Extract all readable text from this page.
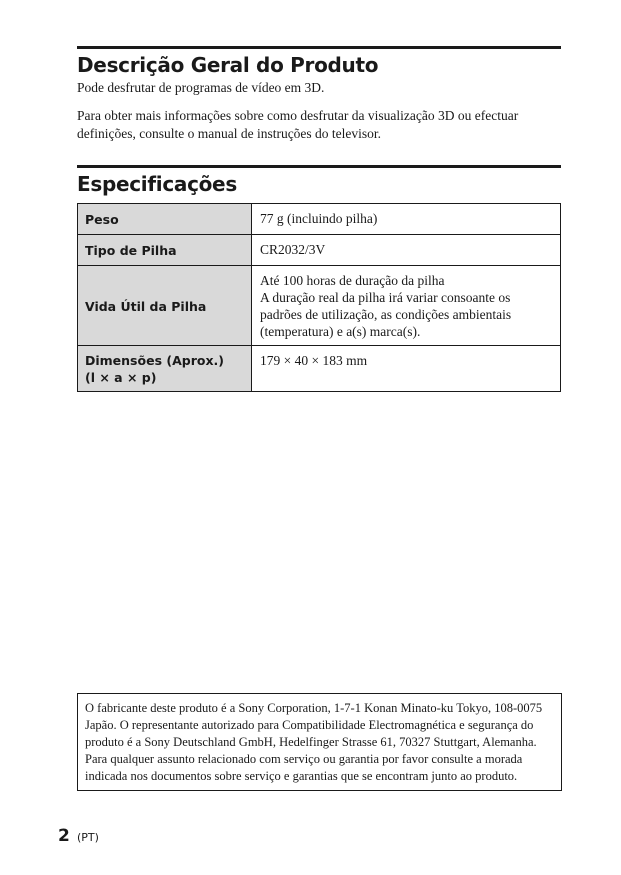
Descrição Geral do Produto

Pode desfrutar de programas de vídeo em 3D.

Para obter mais informações sobre como desfrutar da visualização 3D ou efectuar definições, consulte o manual de instruções do televisor.

Especificações
Peso	77 g (incluindo pilha)

Tipo de Pilha	CR2032/3V

Vida Útil da Pilha	Até 100 horas de duração da pilha
A duração real da pilha irá variar consoante os padrões de utilização, as condições ambientais (temperatura) e a(s) marca(s).

Dimensões (Aprox.)
(l × a × p)	179 × 40 × 183 mm
O fabricante deste produto é a Sony Corporation, 1-7-1 Konan Minato-ku Tokyo, 108-0075 Japão. O representante autorizado para Compatibilidade Electromagnética e segurança do produto é a Sony Deutschland GmbH, Hedelfinger Strasse 61, 70327 Stuttgart, Alemanha. Para qualquer assunto relacionado com serviço ou garantia por favor consulte a morada indicada nos documentos sobre serviço e garantias que se encontram junto ao produto.
2 (PT)
